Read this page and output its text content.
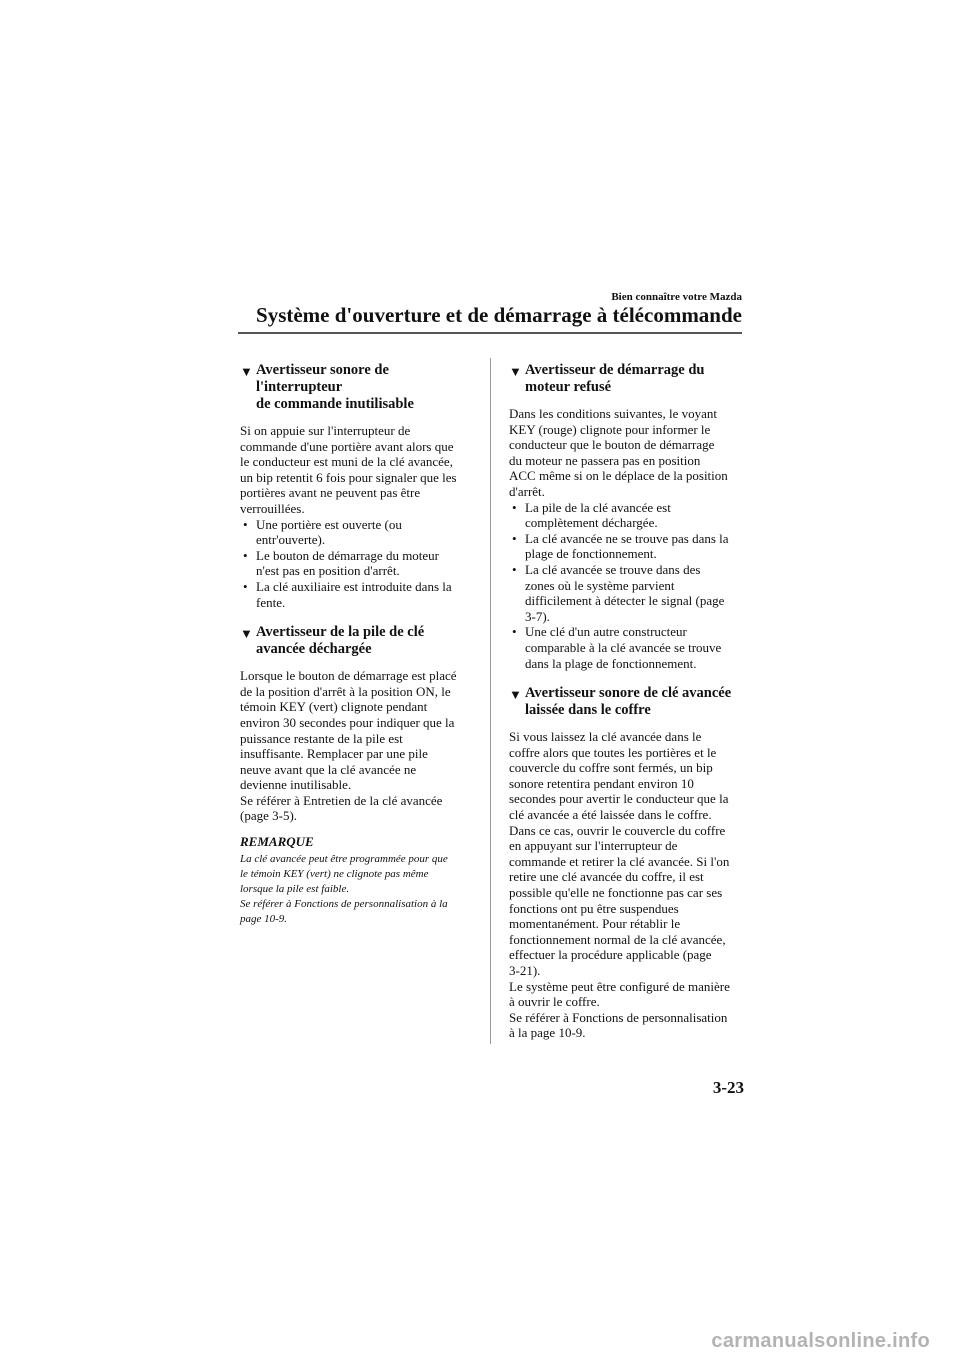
Bien connaître votre Mazda
Système d'ouverture et de démarrage à télécommande
▼ Avertisseur sonore de l'interrupteur
de commande inutilisable
Si on appuie sur l'interrupteur de
commande d'une portière avant alors que
le conducteur est muni de la clé avancée,
un bip retentit 6 fois pour signaler que les
portières avant ne peuvent pas être
verrouillées.
• Une portière est ouverte (ou
entr'ouverte).
• Le bouton de démarrage du moteur
n'est pas en position d'arrêt.
• La clé auxiliaire est introduite dans la
fente.
▼ Avertisseur de la pile de clé
avancée déchargée
Lorsque le bouton de démarrage est placé
de la position d'arrêt à la position ON, le
témoin KEY (vert) clignote pendant
environ 30 secondes pour indiquer que la
puissance restante de la pile est
insuffisante. Remplacer par une pile
neuve avant que la clé avancée ne
devienne inutilisable.
Se référer à Entretien de la clé avancée
(page 3-5).
REMARQUE
La clé avancée peut être programmée pour que
le témoin KEY (vert) ne clignote pas même
lorsque la pile est faible.
Se référer à Fonctions de personnalisation à la
page 10-9.
▼ Avertisseur de démarrage du
moteur refusé
Dans les conditions suivantes, le voyant
KEY (rouge) clignote pour informer le
conducteur que le bouton de démarrage
du moteur ne passera pas en position
ACC même si on le déplace de la position
d'arrêt.
• La pile de la clé avancée est
complètement déchargée.
• La clé avancée ne se trouve pas dans la
plage de fonctionnement.
• La clé avancée se trouve dans des
zones où le système parvient
difficilement à détecter le signal (page
3-7).
• Une clé d'un autre constructeur
comparable à la clé avancée se trouve
dans la plage de fonctionnement.
▼ Avertisseur sonore de clé avancée
laissée dans le coffre
Si vous laissez la clé avancée dans le
coffre alors que toutes les portières et le
couvercle du coffre sont fermés, un bip
sonore retentira pendant environ 10
secondes pour avertir le conducteur que la
clé avancée a été laissée dans le coffre.
Dans ce cas, ouvrir le couvercle du coffre
en appuyant sur l'interrupteur de
commande et retirer la clé avancée. Si l'on
retire une clé avancée du coffre, il est
possible qu'elle ne fonctionne pas car ses
fonctions ont pu être suspendues
momentanément. Pour rétablir le
fonctionnement normal de la clé avancée,
effectuer la procédure applicable (page
3-21).
Le système peut être configuré de manière
à ouvrir le coffre.
Se référer à Fonctions de personnalisation
à la page 10-9.
3-23
carmanualsonline.info
